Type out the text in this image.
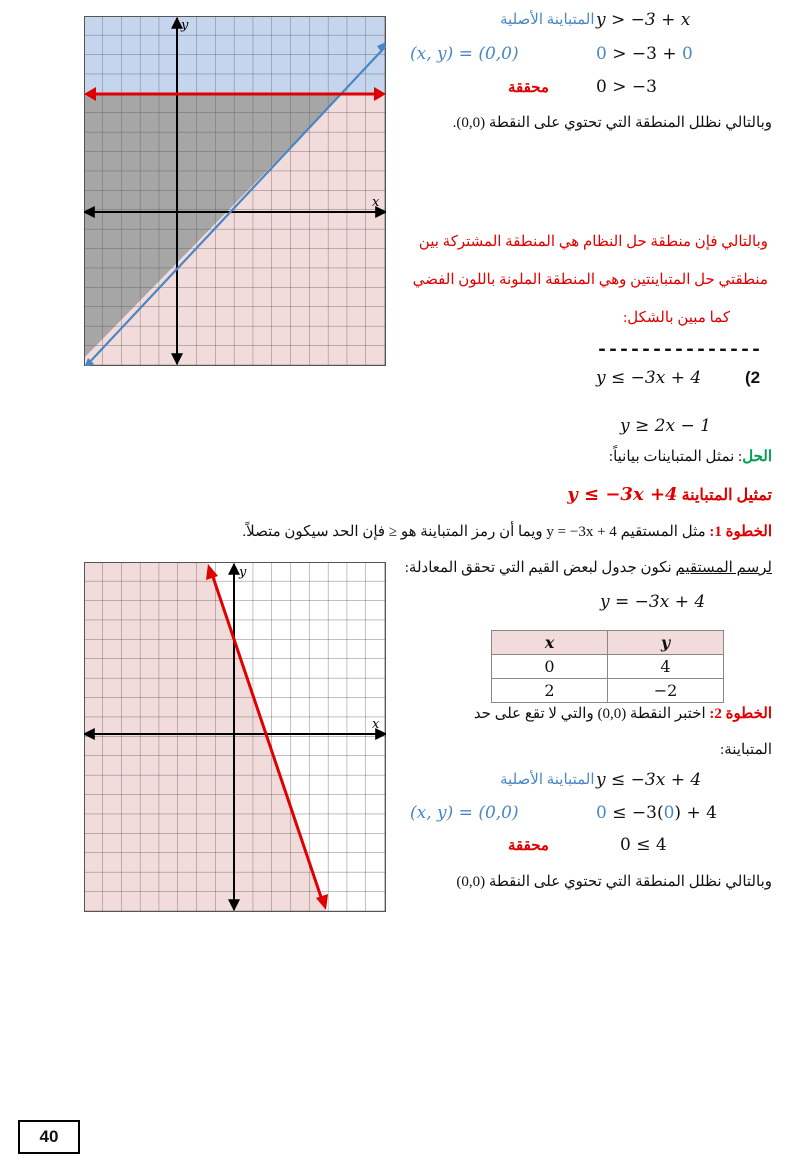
y
x
المتباينة الأصلية y > −3 + x
(x, y) = (0,0)	0 > −3 + 0
محققة	0 > −3
وبالتالي نظلل المنطقة التي تحتوي على النقطة (0,0).
وبالتالي فإن منطقة حل النظام هي المنطقة المشتركة بين
منطقتي حل المتباينتين وهي المنطقة الملونة باللون الفضي
كما مبين بالشكل:
---------------
y ≤ −3x + 4	(2
y ≥ 2x − 1
الحل: نمثل المتباينات بيانياً:
تمثيل المتباينة y ≤ −3x +4
الخطوة 1: مثل المستقيم y = −3x + 4 ويما أن رمز المتباينة هو ≤ فإن الحد سيكون متصلاً.
لرسم المستقيم نكون جدول لبعض القيم التي تحقق المعادلة:
y = −3x + 4
x	y
0	4
2	−2
الخطوة 2: اختبر النقطة (0,0) والتي لا تقع على حد
المتباينة:
المتباينة الأصلية y ≤ −3x + 4
(x, y) = (0,0)	0 ≤ −3(0) + 4
محققة	0 ≤ 4
وبالتالي نظلل المنطقة التي تحتوي على النقطة (0,0)
y
x
40
